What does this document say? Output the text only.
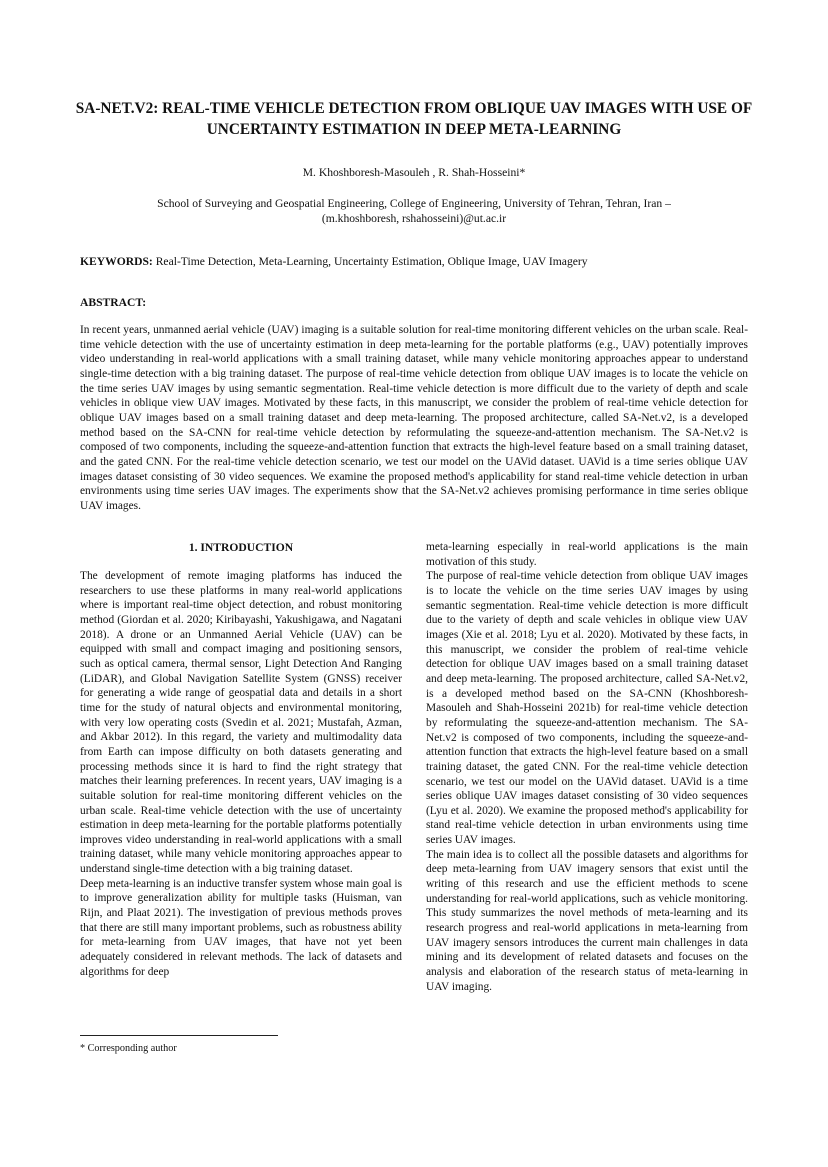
SA-NET.V2: REAL-TIME VEHICLE DETECTION FROM OBLIQUE UAV IMAGES WITH USE OF UNCERTAINTY ESTIMATION IN DEEP META-LEARNING
M. Khoshboresh-Masouleh , R. Shah-Hosseini*
School of Surveying and Geospatial Engineering, College of Engineering, University of Tehran, Tehran, Iran –
(m.khoshboresh, rshahosseini)@ut.ac.ir
KEYWORDS: Real-Time Detection, Meta-Learning, Uncertainty Estimation, Oblique Image, UAV Imagery
ABSTRACT:

In recent years, unmanned aerial vehicle (UAV) imaging is a suitable solution for real-time monitoring different vehicles on the urban scale. Real-time vehicle detection with the use of uncertainty estimation in deep meta-learning for the portable platforms (e.g., UAV) potentially improves video understanding in real-world applications with a small training dataset, while many vehicle monitoring approaches appear to understand single-time detection with a big training dataset. The purpose of real-time vehicle detection from oblique UAV images is to locate the vehicle on the time series UAV images by using semantic segmentation. Real-time vehicle detection is more difficult due to the variety of depth and scale vehicles in oblique view UAV images. Motivated by these facts, in this manuscript, we consider the problem of real-time vehicle detection for oblique UAV images based on a small training dataset and deep meta-learning. The proposed architecture, called SA-Net.v2, is a developed method based on the SA-CNN for real-time vehicle detection by reformulating the squeeze-and-attention mechanism. The SA-Net.v2 is composed of two components, including the squeeze-and-attention function that extracts the high-level feature based on a small training dataset, and the gated CNN. For the real-time vehicle detection scenario, we test our model on the UAVid dataset. UAVid is a time series oblique UAV images dataset consisting of 30 video sequences. We examine the proposed method's applicability for stand real-time vehicle detection in urban environments using time series UAV images. The experiments show that the SA-Net.v2 achieves promising performance in time series oblique UAV images.

1. INTRODUCTION

The development of remote imaging platforms has induced the researchers to use these platforms in many real-world applications where is important real-time object detection, and robust monitoring method (Giordan et al. 2020; Kiribayashi, Yakushigawa, and Nagatani 2018). A drone or an Unmanned Aerial Vehicle (UAV) can be equipped with small and compact imaging and positioning sensors, such as optical camera, thermal sensor, Light Detection And Ranging (LiDAR), and Global Navigation Satellite System (GNSS) receiver for generating a wide range of geospatial data and details in a short time for the study of natural objects and environmental monitoring, with very low operating costs (Svedin et al. 2021; Mustafah, Azman, and Akbar 2012). In this regard, the variety and multimodality data from Earth can impose difficulty on both datasets generating and processing methods since it is hard to find the right strategy that matches their learning preferences. In recent years, UAV imaging is a suitable solution for real-time monitoring different vehicles on the urban scale. Real-time vehicle detection with the use of uncertainty estimation in deep meta-learning for the portable platforms potentially improves video understanding in real-world applications with a small training dataset, while many vehicle monitoring approaches appear to understand single-time detection with a big training dataset.

Deep meta-learning is an inductive transfer system whose main goal is to improve generalization ability for multiple tasks (Huisman, van Rijn, and Plaat 2021). The investigation of previous methods proves that there are still many important problems, such as robustness ability for meta-learning from UAV images, that have not yet been adequately considered in relevant methods. The lack of datasets and algorithms for deep

meta-learning especially in real-world applications is the main motivation of this study.

The purpose of real-time vehicle detection from oblique UAV images is to locate the vehicle on the time series UAV images by using semantic segmentation. Real-time vehicle detection is more difficult due to the variety of depth and scale vehicles in oblique view UAV images (Xie et al. 2018; Lyu et al. 2020). Motivated by these facts, in this manuscript, we consider the problem of real-time vehicle detection for oblique UAV images based on a small training dataset and deep meta-learning. The proposed architecture, called SA-Net.v2, is a developed method based on the SA-CNN (Khoshboresh-Masouleh and Shah-Hosseini 2021b) for real-time vehicle detection by reformulating the squeeze-and-attention mechanism. The SA-Net.v2 is composed of two components, including the squeeze-and-attention function that extracts the high-level feature based on a small training dataset, the gated CNN. For the real-time vehicle detection scenario, we test our model on the UAVid dataset. UAVid is a time series oblique UAV images dataset consisting of 30 video sequences (Lyu et al. 2020). We examine the proposed method's applicability for stand real-time vehicle detection in urban environments using time series UAV images.

The main idea is to collect all the possible datasets and algorithms for deep meta-learning from UAV imagery sensors that exist until the writing of this research and use the efficient methods to scene understanding for real-world applications, such as vehicle monitoring. This study summarizes the novel methods of meta-learning and its research progress and real-world applications in meta-learning from UAV imagery sensors introduces the current main challenges in data mining and its development of related datasets and focuses on the analysis and elaboration of the research status of meta-learning in UAV imaging.

* Corresponding author
